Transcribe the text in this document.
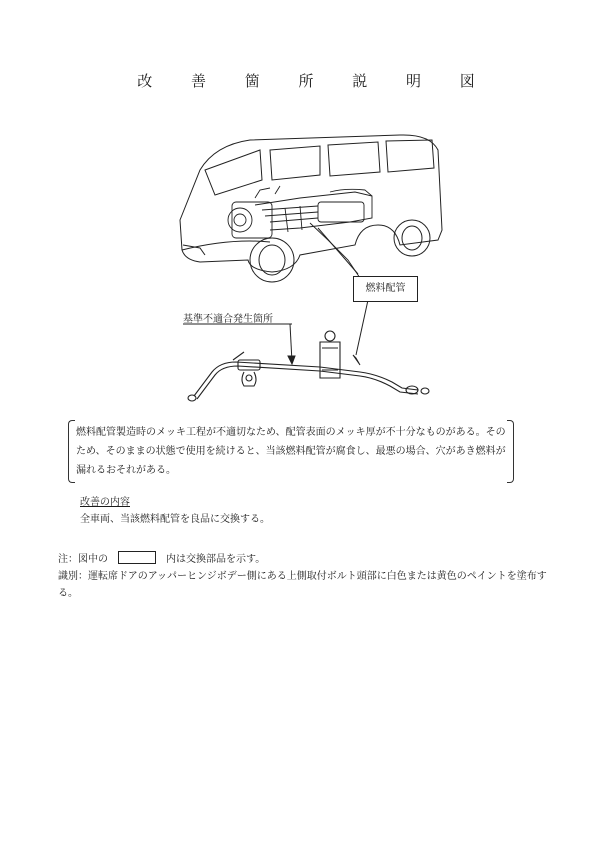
改 善 箇 所 説 明 図
燃料配管
基準不適合発生箇所
燃料配管製造時のメッキ工程が不適切なため、配管表面のメッキ厚が不十分なものがある。そのため、そのままの状態で使用を続けると、当該燃料配管が腐食し、最悪の場合、穴があき燃料が漏れるおそれがある。
改善の内容
全車両、当該燃料配管を良品に交換する。
注：図中の	内は交換部品を示す。
識別：運転席ドアのアッパーヒンジボデー側にある上側取付ボルト頭部に白色または黄色のペイントを塗布する。
